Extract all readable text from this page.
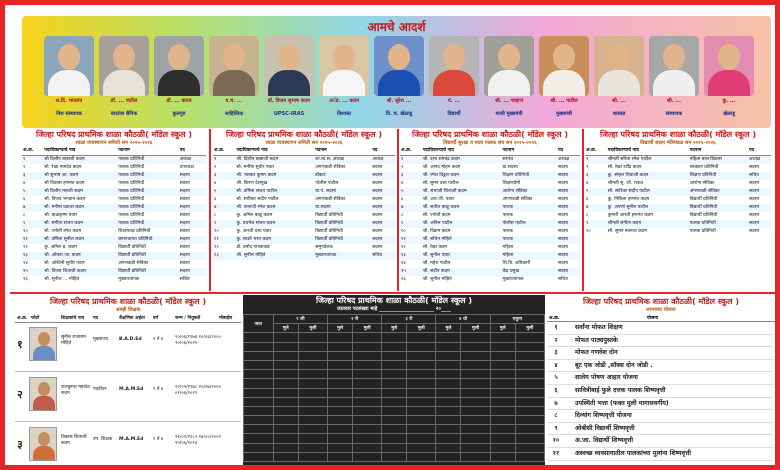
आमचे आदर्श
स.दि. भाउराव
निश संस्थापक
डॉ. ... पाटील
स्वातंत्र्य सैनिक
डॉ. ... कारव
कुलगुरु
य.च. ...
साहित्यिक
डॉ. विजय सुभाष कदम
UPSC-IRAS
अॅड. ... कदम
विश्वस्त
श्री. सुरेश ...
वि. च. खेळाडू
पं. ...
विद्यार्थी
श्री. ... चव्हाण
माजी मुख्यमंत्री
श्री. ... पाटील
मुख्यमंत्री
श्री. ...
शास्त्रज्ञ
श्री. ...
संस्थापक
कु. ...
खेळाडू
जिल्हा परिषद प्राथमिक शाळा कौठळी( मॉडेल स्कूल )
शाळा व्यवस्थापन समिती सन २०२५-२०२६
अ.क्र.	पदाधिकाऱ्याचे नाव	पदनाम	पद
१	श्री दिलीप बाबाजी कदम	पालक प्रतिनिधी	अध्यक्ष
२	सौ. रेखा नामदेव कदम	पालक प्रतिनिधी	उपाध्यक्ष
३	श्री सुभाष आ. कदम	पालक प्रतिनिधी	सदस्य
४	श्री विकास हणमंत कदम	पालक प्रतिनिधी	सदस्य
५	श्री दिलीप मारुती कदम	पालक प्रतिनिधी	सदस्य
६	श्री. विजय भगवान कदम	पालक प्रतिनिधी	सदस्य
७	सौ. मनीषा प्रकाश कदम	पालक प्रतिनिधी	सदस्य
८	श्री. बाळकृष्ण पवार	पालक प्रतिनिधी	सदस्य
९	सौ. संगीता संजय कदम	पालक प्रतिनिधी	सदस्य
१०	सौ. ज्योती रमेश कदम	शिक्षणतज्ञ प्रतिनिधी	सदस्य
११	सौ. उर्मिला सुनील कदम	ग्रामपंचायत प्रतिनिधी	सदस्य
१२	कु. अनिल प्र. कदम	विद्यार्थी प्रतिनिधी	सदस्य
१३	श्री. ओंकार जा. कदम	विद्यार्थी प्रतिनिधी	सदस्य
१४	सौ. अश्विनी सुधीर पवार	अंगणवाडी सेविका	सदस्य
१५	श्री. विजय शिवाजी कदम	विद्यार्थी प्रतिनिधी	सदस्य
१६	श्री. सुनील ... मोहिते	मुख्याध्यापक	सचिव
जिल्हा परिषद प्राथमिक शाळा कौठळी( मॉडेल स्कूल )
शाळा व्यवस्थापन समिती सन २०२५-२०२६
अ.क्र.	पदाधिकाऱ्याचे नाव	पदनाम	पद
१	श्री. दिलीप बाबाजी कदम	शा.व्य.स. अध्यक्ष	अध्यक्ष
२	सौ. मनीषा सुधीर पवार	अंगणवाडी सेविका	सदस्य
३	श्री. भास्कर कुमार कदम	डॉक्टर	सदस्य
४	श्री. किरण देशमुख	पोलीस पाटील	सदस्य
५	सौ. उर्मिला संजय पाटील	ग्रा.पं. सदस्य	सदस्य
६	सौ. सारिका संदीप पाटील	अंगणवाडी सेविका	सदस्य
७	श्री. तानाजी रमेश कदम	ग्रा.सदस्य	सदस्य
८	कु. अनिल बाळू कदम	विद्यार्थी प्रतिनिधी	सदस्य
९	कु. प्रथमेश संजय कदम	विद्यार्थी प्रतिनिधी	सदस्य
१०	कु. आरती दत्ता पवार	विद्यार्थी प्रतिनिधी	सदस्य
११	कु. साक्षी भरत कदम	विद्यार्थी प्रतिनिधी	सदस्य
१२	डॉ. प्रमोद गायकवाड	समुपदेशक	सदस्य
१३	श्री. सुनील मोहिते	मुख्याध्यापक	सचिव
जिल्हा परिषद प्राथमिक शाळा कौठळी( मॉडेल स्कूल )
विद्यार्थी सुरक्षा व माता पालक संघ सन २०२५-२०२६
अ.क्र.	पदाधिकाऱ्याचे नाव	पदनाम	पद
१	श्री. दत्ता रामचंद्र कदम	सरपंच	अध्यक्ष
२	श्री. आनंद मोहन कदम	ग्रा.सदस्य	सदस्य
३	श्री. रमेश विठ्ठल कदम	शिक्षण प्रतिनिधी	सदस्य
४	सौ. सुमन दत्ता पाटील	शिक्षणप्रेमी	सदस्य
५	श्री. संभाजी शिवाजी कदम	आरोग्य सेविका	सदस्य
६	श्री. आर.जी. पवार	अंगणवाडी सेविका	सदस्य
७	श्री. सतीश बाळू कदम	पालक	सदस्य
८	सौ. ज्योती कदम	पालक	सदस्य
९	श्री. अनिल पाटील	पोलीस पाटील	सदस्य
१०	श्री. विक्रम कदम	पालक	सदस्य
११	श्री. सचिन मोहिते	पालक	सदस्य
१२	सौ. रेखा कदम	महिला	सदस्य
१३	श्री. सुनील पवार	महिला	सदस्य
१४	श्री. महेश पाटील	शि.वि. अधिकारी	सदस्य
१५	श्री. संदीप कदम	केंद्र प्रमुख	सदस्य
१६	श्री. सुनील मोहिते	मुख्याध्यापक	सचिव
जिल्हा परिषद प्राथमिक शाळा कौठळी( मॉडेल स्कूल )
विद्यार्थी सक्षम मंत्रिमंडळ सन २०२५-२०२६
अ.क्र.	पदाधिकाऱ्याचे नाव	पदनाम	पद
१	श्रीमती सरिता रमेश पाटील	महिला बाल विकास	अध्यक्ष
२	सौ. रेखा रवींद्र कदम	स्वच्छता प्रतिनिधी	सदस्य
३	कु. स्नेहल शिवाजी कदम	शिक्षण प्रतिनिधी	सचिव
४	श्रीमती सु. जी. राऊत	आरोग्य सेविका	सदस्य
५	सौ. सारिका संदीप पाटील	अंगणवाडी सेविका	सदस्य
६	कु. निकिता हणमंत कदम	विद्यार्थी प्रतिनिधी	सदस्य
७	कु. अपर्णा सुनील पाटील	विद्यार्थी प्रतिनिधी	सदस्य
८	कुमारी आरती हणमंत कदम	विद्यार्थी प्रतिनिधी	सदस्य
९	श्रीमती संगीता कदम	पालक प्रतिनिधी	सदस्य
१०	सौ. सुमन नवनाथ कदम	पालक प्रतिनिधी	सदस्य
जिल्हा परिषद प्राथमिक शाळा कौठळी( मॉडेल स्कूल )
आम्ही शिक्षक
अ.क्र. फोटो	शिक्षकांचे नाव पद	शैक्षणिक अर्हता वर्ग	जन्म / नियुक्ती	मोबाईल
१
सुनील राजाराम मोहिते
मुख्याध्या. B.A.D.Ed १ ते ४	१०/०६/१९७४ १०/०६/२००० २०/०६/२०२५
२
राजकुमार महादेव कदम
पदवीधर	M.A.M.Ed १ ते ४	१२/०५/१९७८ १५/०७/२००५ ०१/०६/२०२२
३
विकास शिवाजी कदम
उप. शिक्षक M.A.M.Ed १ ते ४	११/०२/१९८२ १४/०८/२००९ १५/०६/२०२३
जिल्हा परिषद प्राथमिक शाळा कौठळी( मॉडेल स्कूल )
जातवार पटसंख्या माहे ______________________ २०____
जात	१ ली		२ री		३ री		४ थी		एकूण	
	मुले	मुली	मुले	मुली	मुले	मुली	मुले	मुली	मुले	मुली

जिल्हा परिषद प्राथमिक शाळा कौठळी( मॉडेल स्कूल )
लाभाच्या योजना
अ.क्र.	योजना
१	सर्वांना मोफत शिक्षण
२	मोफत पाठ्यपुस्तके
३	मोफत गणवेश दोन
४	बूट एक जोडी ,सॉक्स दोन जोडी .
५	शालेय पोषण आहार योजना
६	सावित्रीबाई फुले दत्तक पालक शिष्यवृत्ती
७	उपस्थिती भत्ता (फक्त मुली मागासवर्गीय)
८	दिव्यांग शिष्यवृत्ती योजना
९	ओबीसी विद्यार्थी शिष्यवृत्ती
१०	अ.जा. विद्यार्थी शिष्यवृत्ती
११	अस्वच्छ व्यवसायातील पालकांच्या मुलांना शिष्यवृत्ती
